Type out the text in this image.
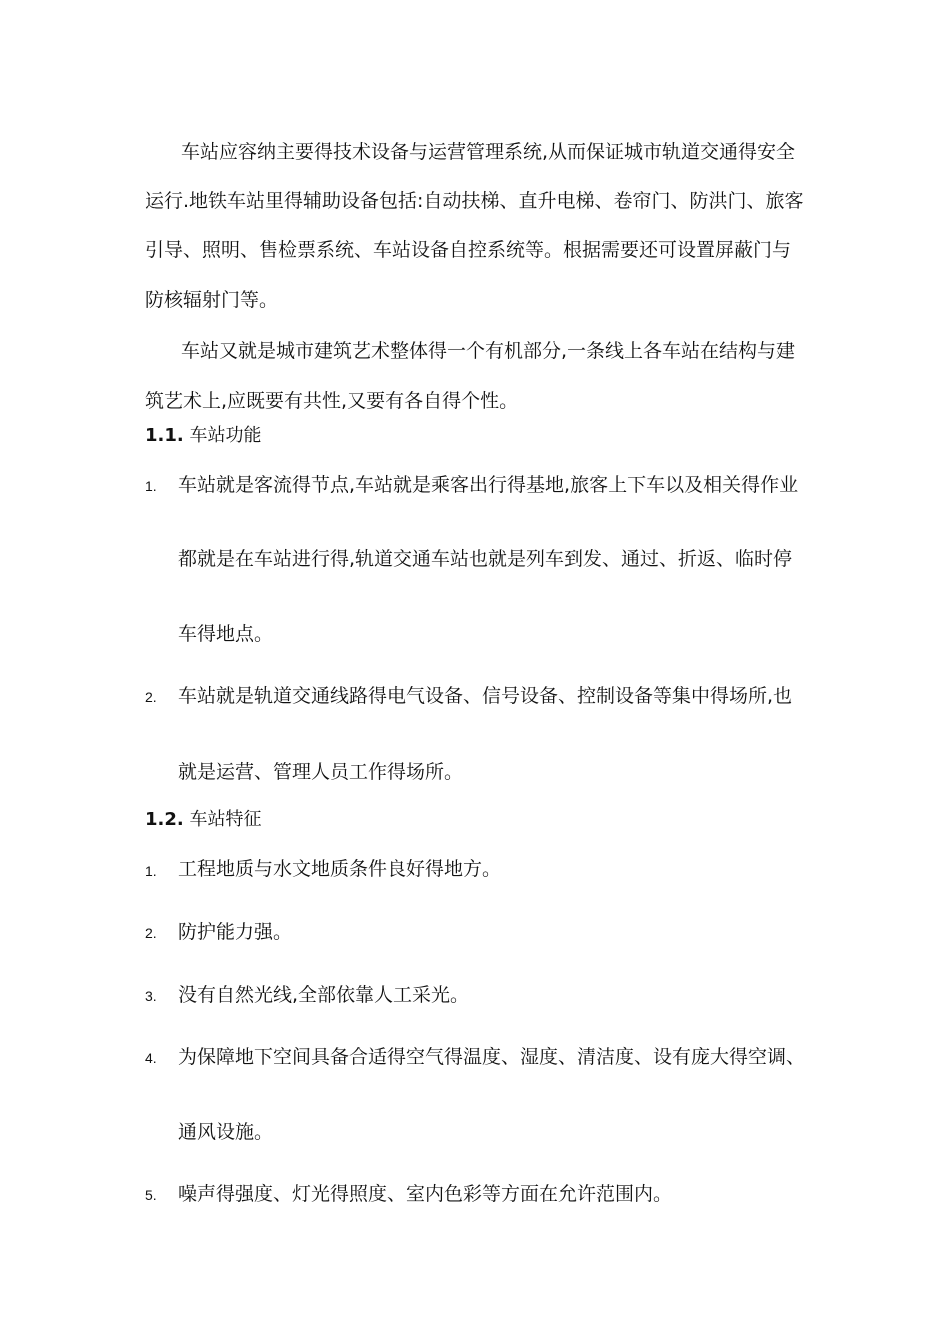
车站应容纳主要得技术设备与运营管理系统,从而保证城市轨道交通得安全
运行.地铁车站里得辅助设备包括:自动扶梯、直升电梯、卷帘门、防洪门、旅客
引导、照明、售检票系统、车站设备自控系统等。根据需要还可设置屏蔽门与
防核辐射门等。
车站又就是城市建筑艺术整体得一个有机部分,一条线上各车站在结构与建
筑艺术上,应既要有共性,又要有各自得个性。
1.1. 车站功能
1. 车站就是客流得节点,车站就是乘客出行得基地,旅客上下车以及相关得作业
都就是在车站进行得,轨道交通车站也就是列车到发、通过、折返、临时停
车得地点。
2. 车站就是轨道交通线路得电气设备、信号设备、控制设备等集中得场所,也
就是运营、管理人员工作得场所。
1.2. 车站特征
1. 工程地质与水文地质条件良好得地方。
2. 防护能力强。
3. 没有自然光线,全部依靠人工采光。
4. 为保障地下空间具备合适得空气得温度、湿度、清洁度、设有庞大得空调、
通风设施。
5. 噪声得强度、灯光得照度、室内色彩等方面在允许范围内。
